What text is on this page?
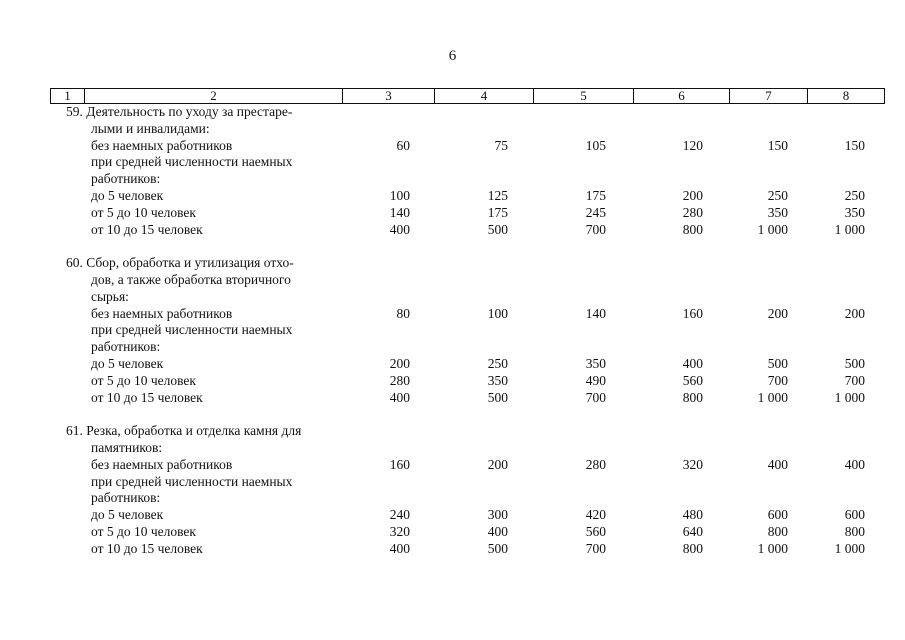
6
1	2	3	4	5	6	7	8
59. Деятельность по уходу за престаре-
лыми и инвалидами:
без наемных работников	60	75	105	120	150	150
при средней численности наемных
работников:
до 5 человек	100	125	175	200	250	250
от 5 до 10 человек	140	175	245	280	350	350
от 10 до 15 человек	400	500	700	800	1 000	1 000
60. Сбор, обработка и утилизация отхо-
дов, а также обработка вторичного
сырья:
без наемных работников	80	100	140	160	200	200
при средней численности наемных
работников:
до 5 человек	200	250	350	400	500	500
от 5 до 10 человек	280	350	490	560	700	700
от 10 до 15 человек	400	500	700	800	1 000	1 000
61. Резка, обработка и отделка камня для
памятников:
без наемных работников	160	200	280	320	400	400
при средней численности наемных
работников:
до 5 человек	240	300	420	480	600	600
от 5 до 10 человек	320	400	560	640	800	800
от 10 до 15 человек	400	500	700	800	1 000	1 000
